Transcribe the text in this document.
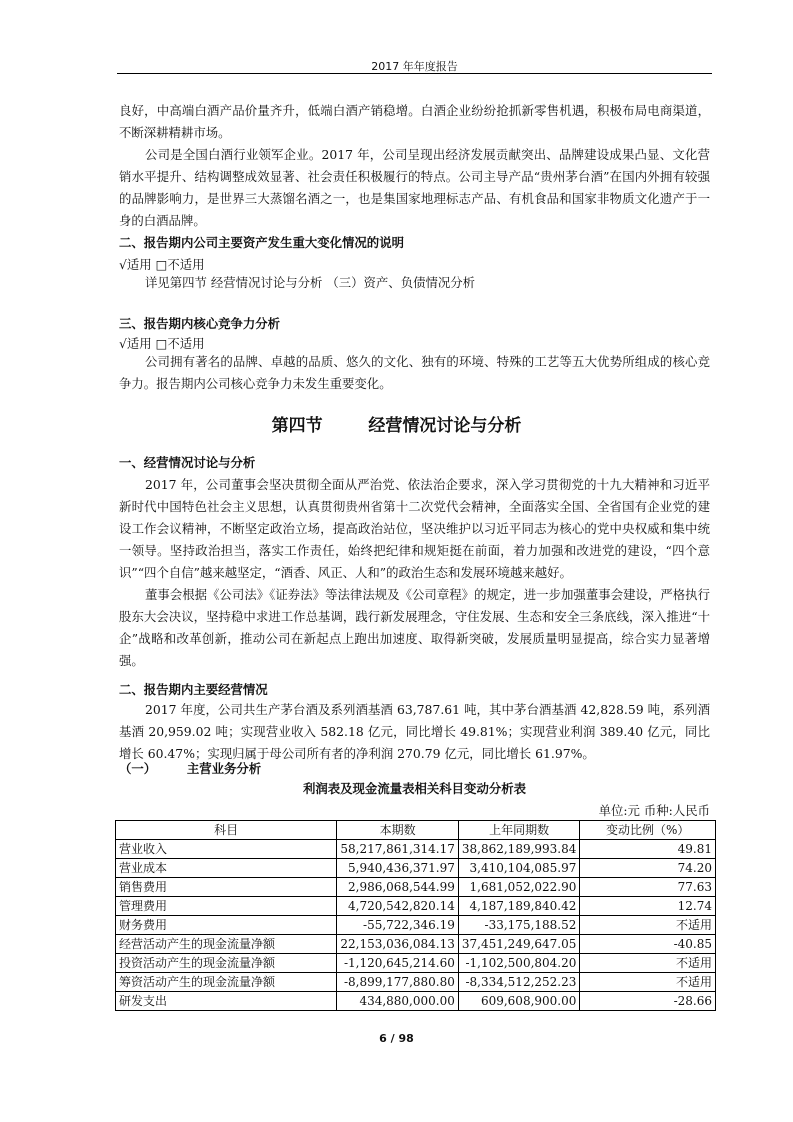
2017 年年度报告

良好，中高端白酒产品价量齐升，低端白酒产销稳增。白酒企业纷纷抢抓新零售机遇，积极布局电商渠道，不断深耕精耕市场。

公司是全国白酒行业领军企业。2017 年，公司呈现出经济发展贡献突出、品牌建设成果凸显、文化营销水平提升、结构调整成效显著、社会责任积极履行的特点。公司主导产品“贵州茅台酒”在国内外拥有较强的品牌影响力，是世界三大蒸馏名酒之一，也是集国家地理标志产品、有机食品和国家非物质文化遗产于一身的白酒品牌。

二、报告期内公司主要资产发生重大变化情况的说明

√适用 □不适用

详见第四节 经营情况讨论与分析 （三）资产、负债情况分析

三、报告期内核心竞争力分析

√适用 □不适用

公司拥有著名的品牌、卓越的品质、悠久的文化、独有的环境、特殊的工艺等五大优势所组成的核心竞争力。报告期内公司核心竞争力未发生重要变化。

第四节	经营情况讨论与分析

一、经营情况讨论与分析

2017 年，公司董事会坚决贯彻全面从严治党、依法治企要求，深入学习贯彻党的十九大精神和习近平新时代中国特色社会主义思想，认真贯彻贵州省第十二次党代会精神，全面落实全国、全省国有企业党的建设工作会议精神，不断坚定政治立场，提高政治站位，坚决维护以习近平同志为核心的党中央权威和集中统一领导。坚持政治担当，落实工作责任，始终把纪律和规矩挺在前面，着力加强和改进党的建设，“四个意识”“四个自信”越来越坚定，“酒香、风正、人和”的政治生态和发展环境越来越好。

董事会根据《公司法》《证券法》等法律法规及《公司章程》的规定，进一步加强董事会建设，严格执行股东大会决议，坚持稳中求进工作总基调，践行新发展理念，守住发展、生态和安全三条底线，深入推进“十企”战略和改革创新，推动公司在新起点上跑出加速度、取得新突破，发展质量明显提高，综合实力显著增强。

二、报告期内主要经营情况

2017 年度，公司共生产茅台酒及系列酒基酒 63,787.61 吨，其中茅台酒基酒 42,828.59 吨，系列酒基酒 20,959.02 吨；实现营业收入 582.18 亿元，同比增长 49.81%；实现营业利润 389.40 亿元，同比增长 60.47%；实现归属于母公司所有者的净利润 270.79 亿元，同比增长 61.97%。

（一） 主营业务分析

利润表及现金流量表相关科目变动分析表
单位:元 币种:人民币
科目	本期数	上年同期数	变动比例（%）
营业收入	58,217,861,314.17	38,862,189,993.84	49.81
营业成本	5,940,436,371.97	3,410,104,085.97	74.20
销售费用	2,986,068,544.99	1,681,052,022.90	77.63
管理费用	4,720,542,820.14	4,187,189,840.42	12.74
财务费用	-55,722,346.19	-33,175,188.52	不适用
经营活动产生的现金流量净额	22,153,036,084.13	37,451,249,647.05	-40.85
投资活动产生的现金流量净额	-1,120,645,214.60	-1,102,500,804.20	不适用
筹资活动产生的现金流量净额	-8,899,177,880.80	-8,334,512,252.23	不适用
研发支出	434,880,000.00	609,608,900.00	-28.66
6 / 98
